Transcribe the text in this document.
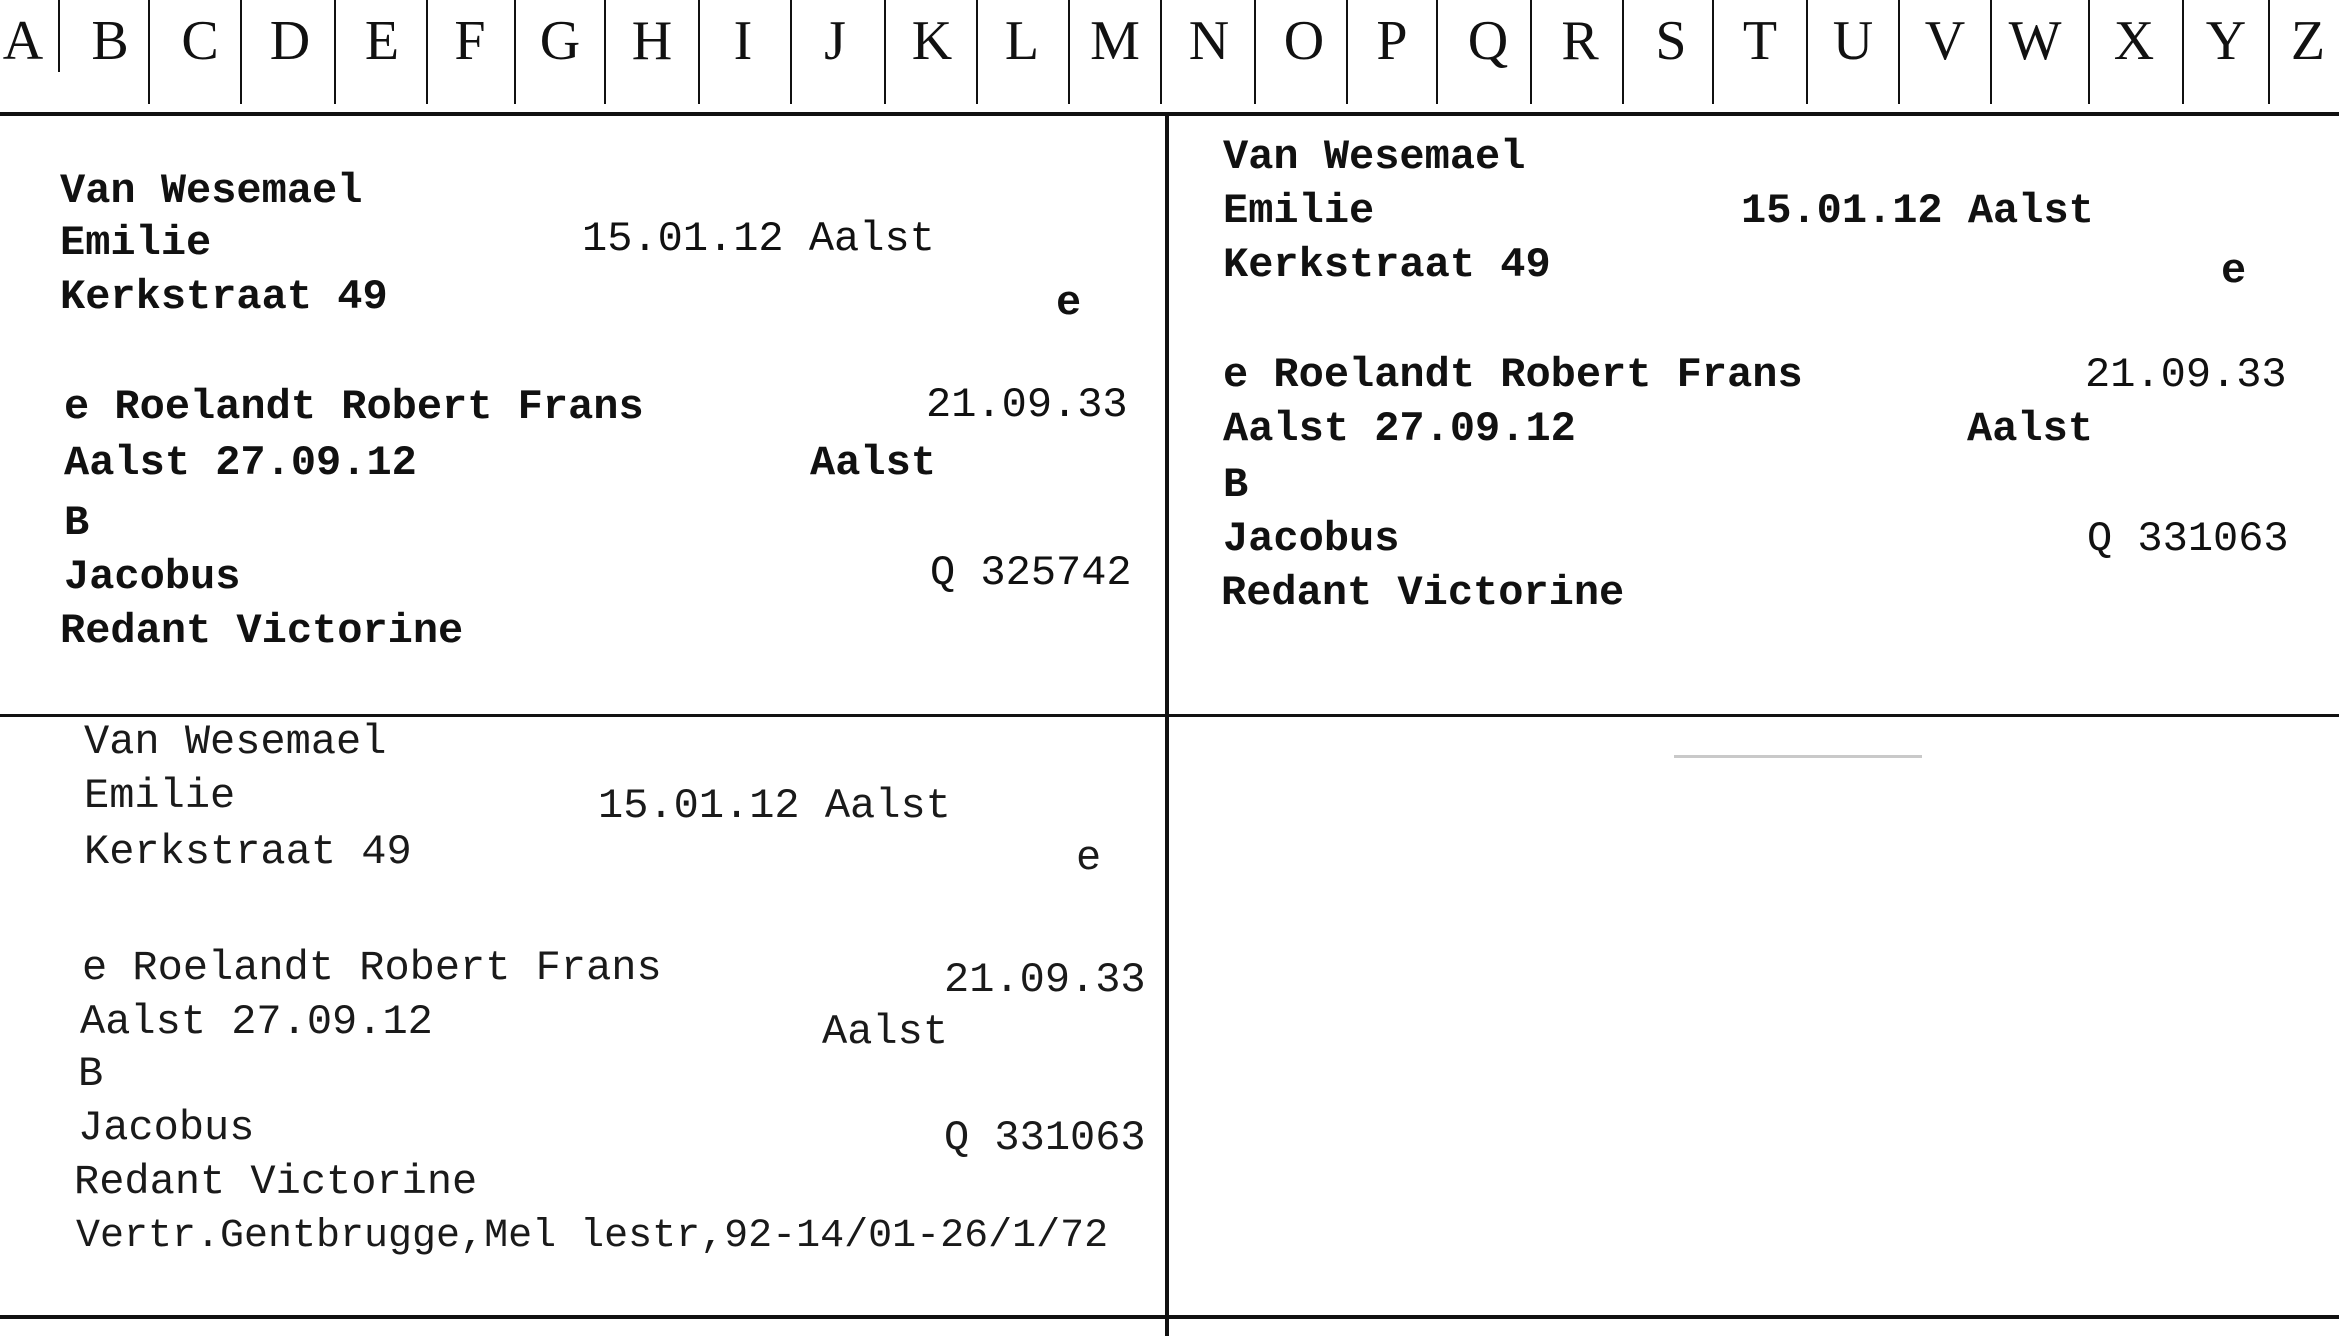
A B C D E F G H I J K L M N O P Q R S T U V W X Y Z
Van Wesemael
Emilie	15.01.12 Aalst
Kerkstraat 49	e
e Roelandt Robert Frans	21.09.33
Aalst 27.09.12	Aalst
B
Jacobus	Q 325742
Redant Victorine
Van Wesemael
Emilie	15.01.12 Aalst
Kerkstraat 49	e
e Roelandt Robert Frans	21.09.33
Aalst 27.09.12	Aalst
B
Jacobus	Q 331063
Redant Victorine
Van Wesemael
Emilie	15.01.12 Aalst
Kerkstraat 49	e
e Roelandt Robert Frans	21.09.33
Aalst 27.09.12	Aalst
B
Jacobus	Q 331063
Redant Victorine
Vertr.Gentbrugge,Mel lestr,92-14/01-26/1/72
